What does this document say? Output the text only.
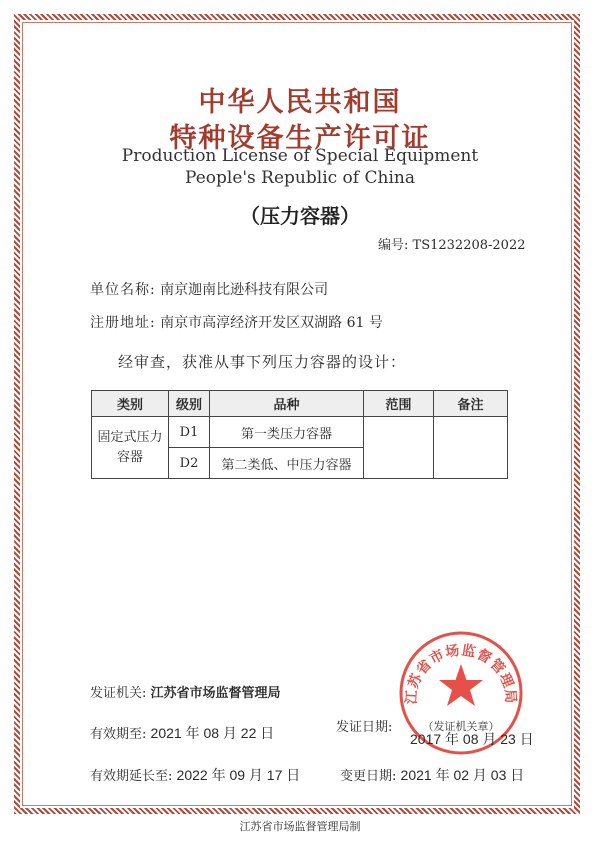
中华人民共和国
特种设备生产许可证
Production License of Special Equipment
People's Republic of China
（压力容器）
编号: TS1232208-2022
单位名称: 南京迦南比逊科技有限公司
注册地址: 南京市高淳经济开发区双湖路 61 号
经审查，获准从事下列压力容器的设计：
类别	级别	品种	范围	备注

固定式压力
容器	D1	第一类压力容器		
	D2	第二类低、中压力容器		
发证机关: 江苏省市场监督管理局	江苏省市场监督管理局
（发证机关章）
有效期至: 2021 年 08 月 22 日	发证日期:
2017 年 08 月 23 日
有效期延长至: 2022 年 09 月 17 日	变更日期: 2021 年 02 月 03 日
江苏省市场监督管理局制
